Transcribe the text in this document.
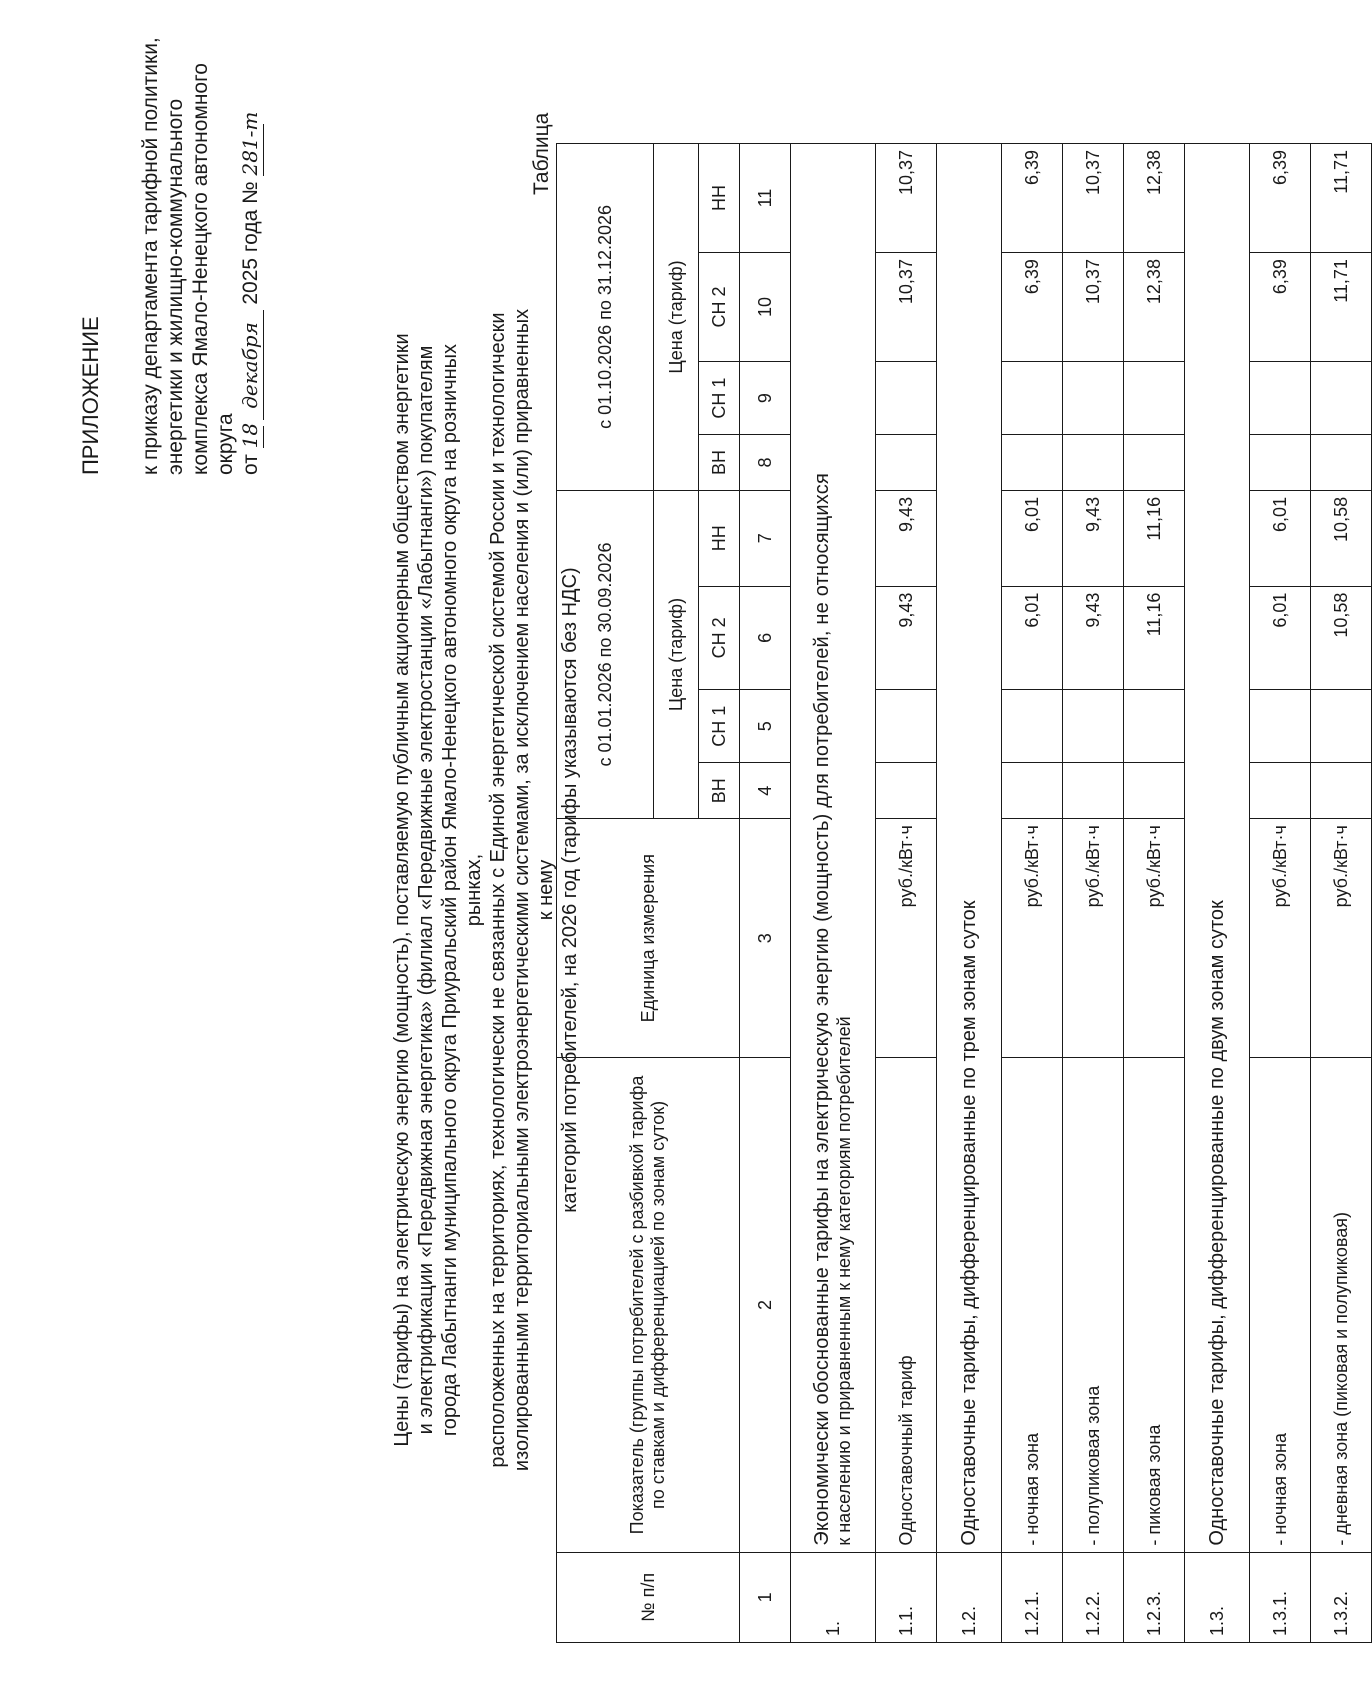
ПРИЛОЖЕНИЕ к приказу департамента тарифной политики, энергетики и жилищно-коммунального комплекса Ямало-Ненецкого автономного округа от 18 декабря 2025 года № 281-т
Цены (тарифы) на электрическую энергию (мощность), поставляемую публичным акционерным обществом энергетики и электрификации «Передвижная энергетика» (филиал «Передвижные электростанции «Лабытнанги») покупателям города Лабытнанги муниципального округа Приуральский район Ямало-Ненецкого автономного округа на розничных рынках, расположенных на территориях, технологически не связанных с Единой энергетической системой России и технологически изолированными территориальными электроэнергетическими системами, за исключением населения и (или) приравненных к нему категорий потребителей, на 2026 год (тарифы указываются без НДС)
Таблица
№ п/п	Показатель (группы потребителей с разбивкой тарифа по ставкам и дифференциацией по зонам суток)	Единица измерения	с 01.01.2026 по 30.09.2026				с 01.10.2026 по 31.12.2026			
			Цена (тариф)				Цена (тариф)			
			ВН	СН 1	СН 2	НН	ВН	СН 1	СН 2	НН
1	2	3	4	5	6	7	8	9	10	11
1.	Экономически обоснованные тарифы на электрическую энергию (мощность) для потребителей, не относящихся к населению и приравненным к нему категориям потребителей									

1.1.	Одноставочный тариф	руб./кВт·ч			9,43	9,43			10,37	10,37
1.2.	Одноставочные тарифы, дифференцированные по трем зонам суток									
1.2.1.	- ночная зона	руб./кВт·ч			6,01	6,01			6,39	6,39
1.2.2.	- полупиковая зона	руб./кВт·ч			9,43	9,43			10,37	10,37
1.2.3.	- пиковая зона	руб./кВт·ч			11,16	11,16			12,38	12,38
1.3.	Одноставочные тарифы, дифференцированные по двум зонам суток									
1.3.1.	- ночная зона	руб./кВт·ч			6,01	6,01			6,39	6,39
1.3.2.	- дневная зона (пиковая и полупиковая)	руб./кВт·ч			10,58	10,58			11,71	11,71
